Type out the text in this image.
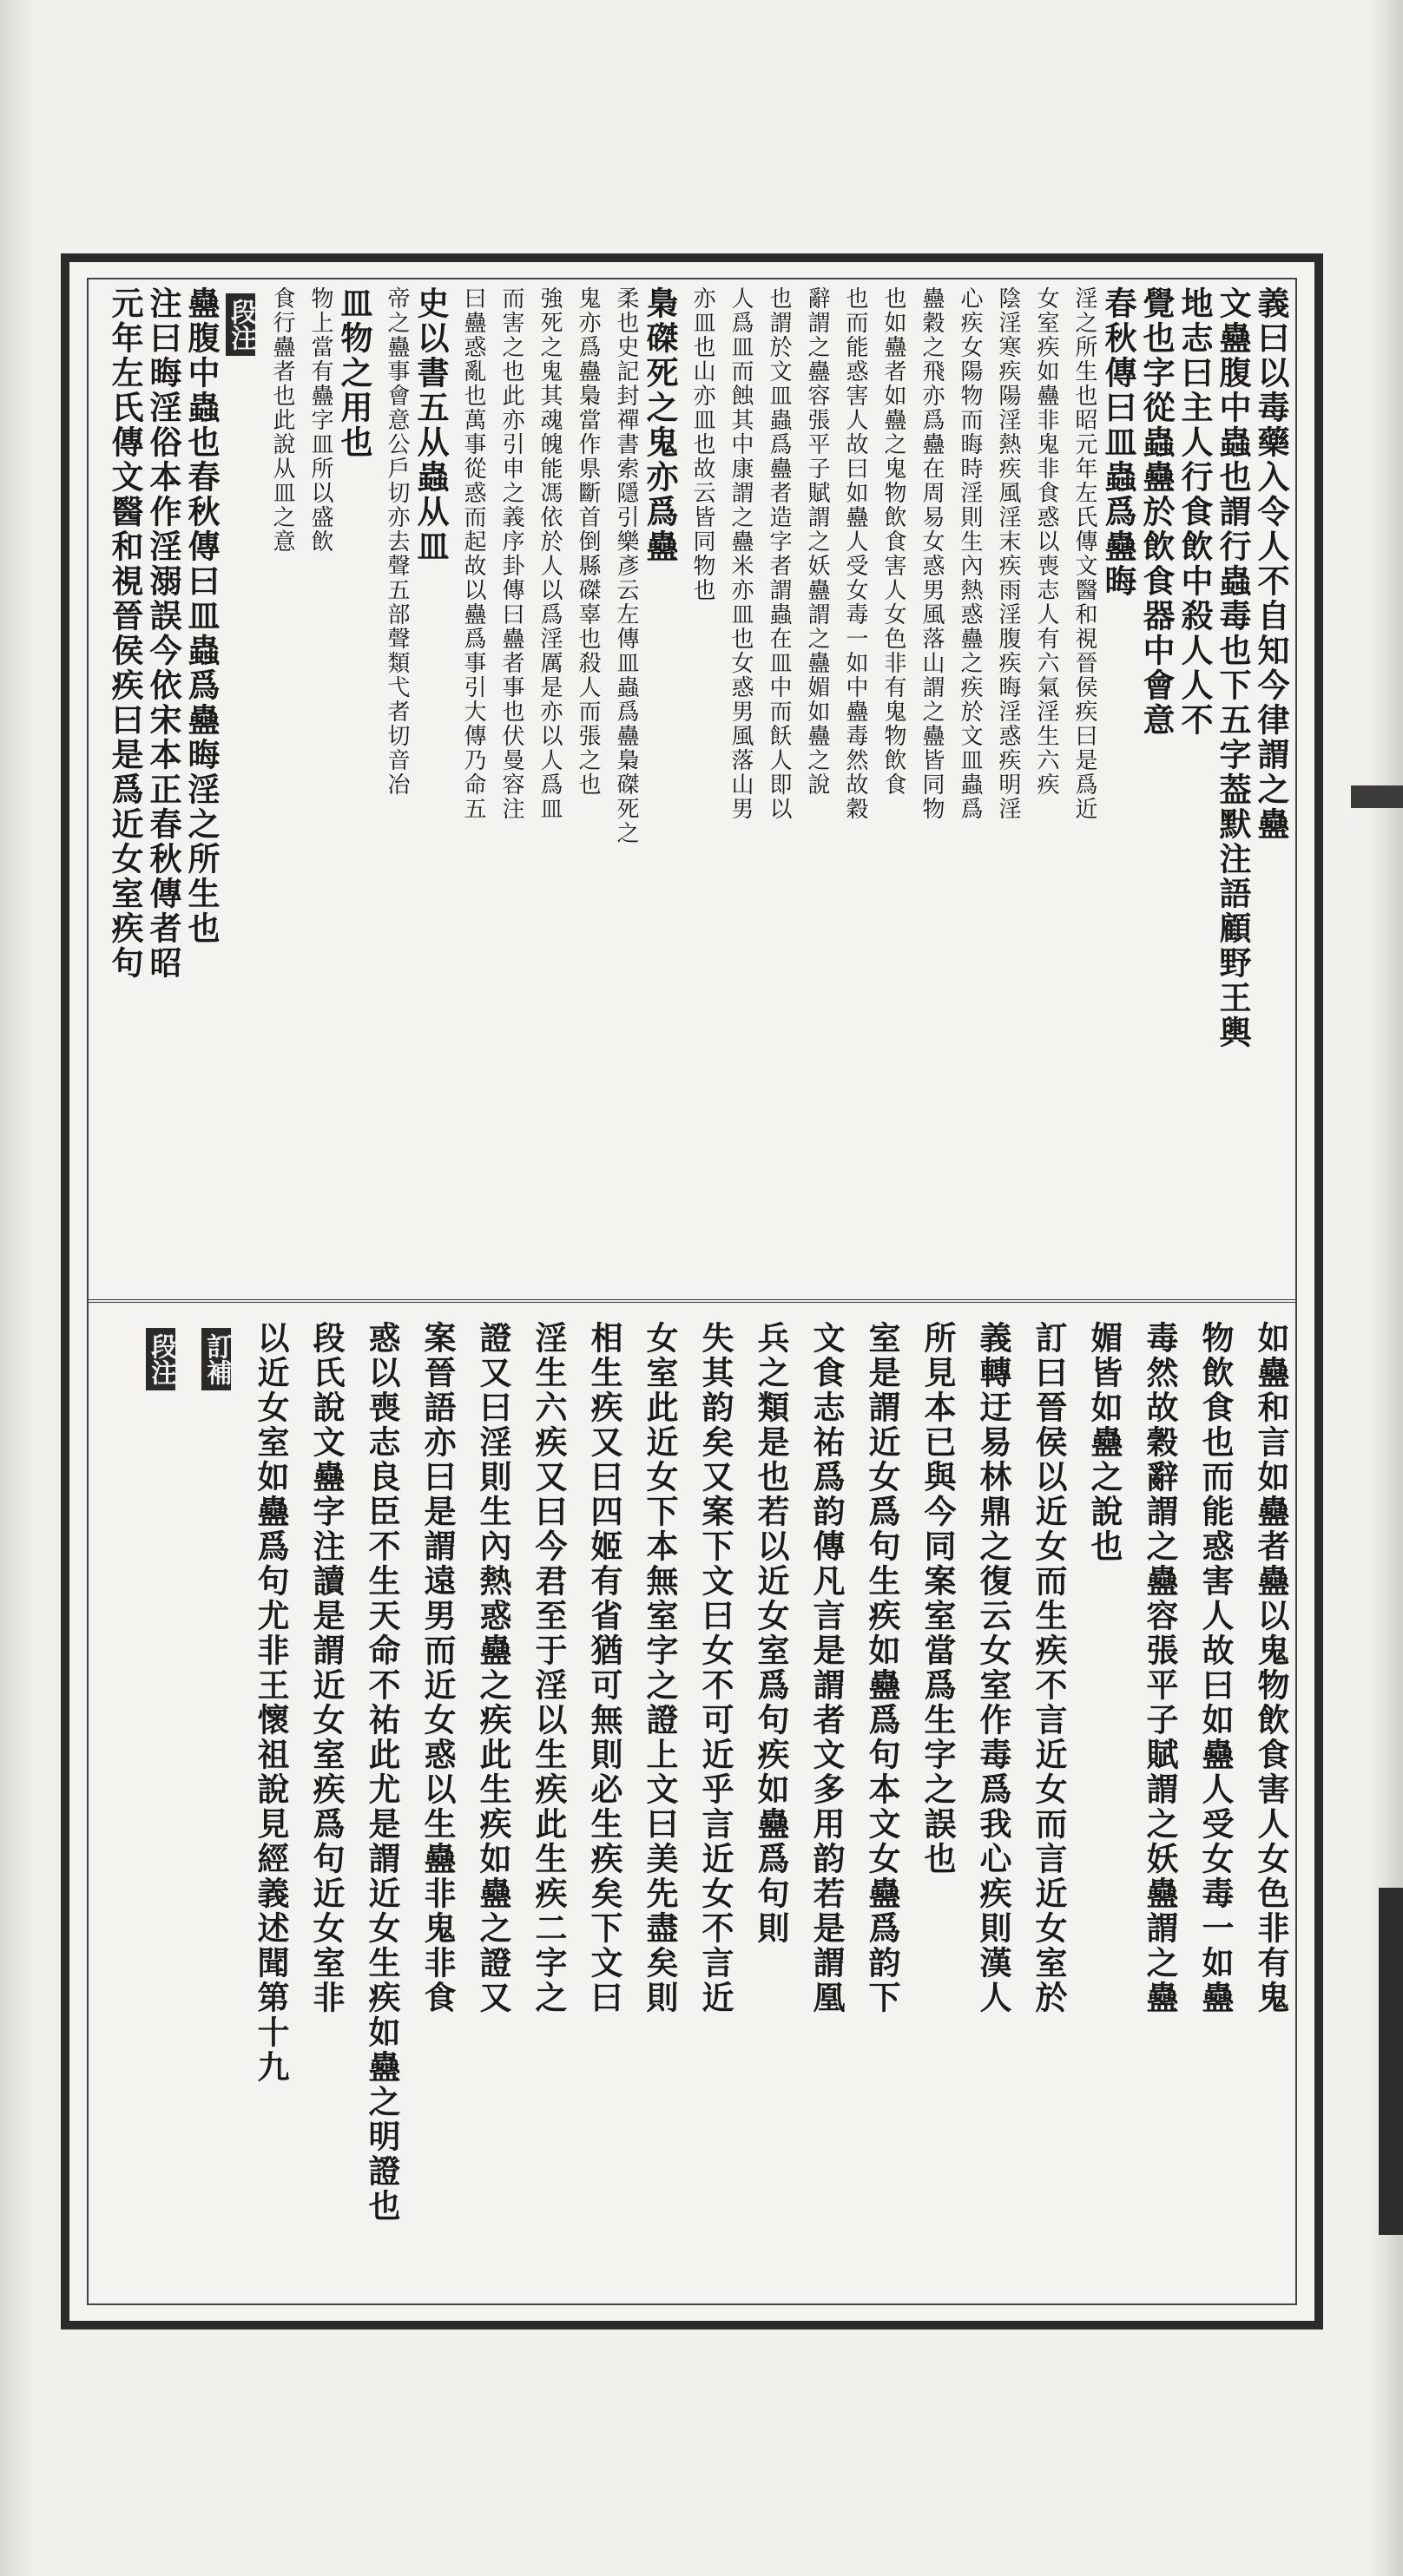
義曰以毒藥入令人不自知今律謂之蠱
文蠱腹中蟲也謂行蟲毒也下五字葢默注語顧野王輿
地志曰主人行食飲中殺人人不
覺也字從蟲蠱於飲食器中會意
春秋傳曰皿蟲爲蠱晦
淫之所生也昭元年左氏傳文醫和視晉侯疾曰是爲近
女室疾如蠱非鬼非食惑以喪志人有六氣淫生六疾
陰淫寒疾陽淫熱疾風淫末疾雨淫腹疾晦淫惑疾明淫
心疾女陽物而晦時淫則生內熱惑蠱之疾於文皿蟲爲
蠱穀之飛亦爲蠱在周易女惑男風落山謂之蠱皆同物
也如蠱者如蠱之鬼物飲食害人女色非有鬼物飲食
也而能惑害人故曰如蠱人受女毒一如中蠱毒然故穀
辭謂之蠱容張平子賦謂之妖蠱謂之蠱媚如蠱之說
也謂於文皿蟲爲蠱者造字者謂蟲在皿中而飫人即以
人爲皿而蝕其中康謂之蠱米亦皿也女惑男風落山男
亦皿也山亦皿也故云皆同物也
梟磔死之鬼亦爲蠱
柔也史記封禪書索隱引樂彥云左傳皿蟲爲蠱梟磔死之
鬼亦爲蠱梟當作県斷首倒縣磔辜也殺人而張之也
強死之鬼其魂魄能馮依於人以爲淫厲是亦以人爲皿
而害之也此亦引申之義序卦傳曰蠱者事也伏曼容注
曰蠱惑亂也萬事從惑而起故以蠱爲事引大傳乃命五
史以書五从蟲从皿
帝之蠱事會意公戶切亦去聲五部聲類弋者切音冶
皿物之用也
物上當有蠱字皿所以盛飲
食行蠱者也此說从皿之意
段注
蠱腹中蟲也春秋傳曰皿蟲爲蠱晦淫之所生也
注曰晦淫俗本作淫溺誤今依宋本正春秋傳者昭
元年左氏傳文醫和視晉侯疾曰是爲近女室疾句
如蠱和言如蠱者蠱以鬼物飲食害人女色非有鬼
物飲食也而能惑害人故曰如蠱人受女毒一如蠱
毒然故穀辭謂之蠱容張平子賦謂之妖蠱謂之蠱
媚皆如蠱之說也
訂曰晉侯以近女而生疾不言近女而言近女室於
義轉迂易林鼎之復云女室作毒爲我心疾則漢人
所見本已與今同案室當爲生字之誤也
室是謂近女爲句生疾如蠱爲句本文女蠱爲韵下
文食志祐爲韵傳凡言是謂者文多用韵若是謂凰
兵之類是也若以近女室爲句疾如蠱爲句則
失其韵矣又案下文曰女不可近乎言近女不言近
女室此近女下本無室字之證上文曰美先盡矣則
相生疾又曰四姬有省猶可無則必生疾矣下文曰
淫生六疾又曰今君至于淫以生疾此生疾二字之
證又曰淫則生內熱惑蠱之疾此生疾如蠱之證又
案晉語亦曰是謂遠男而近女惑以生蠱非鬼非食
惑以喪志良臣不生天命不祐此尤是謂近女生疾如蠱之明證也
段氏說文蠱字注讀是謂近女室疾爲句近女室非
以近女室如蠱爲句尤非王懷祖說見經義述聞第十九
訂補
段注
